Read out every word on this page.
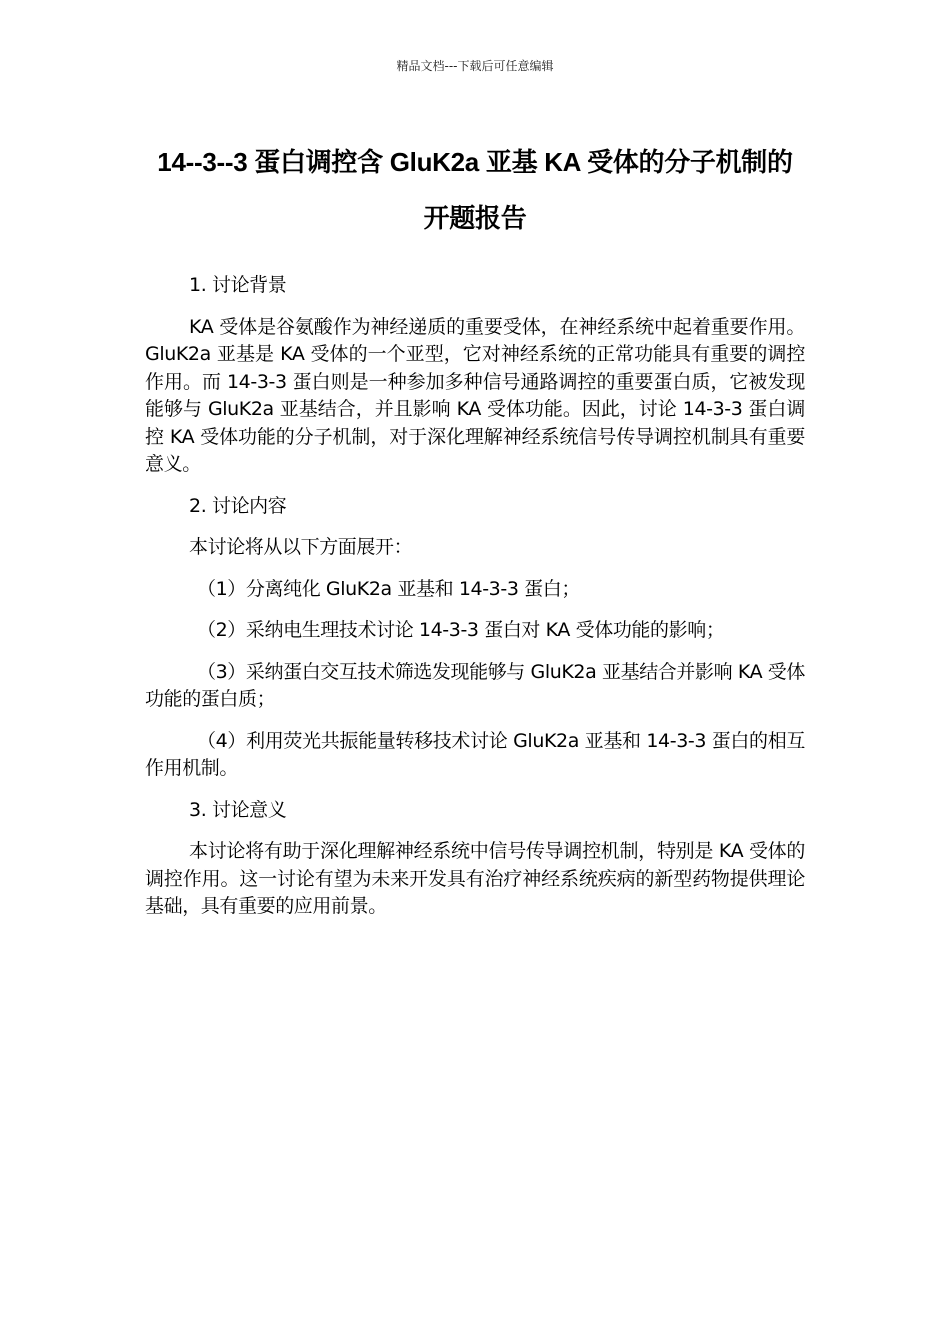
精品文档---下载后可任意编辑
14--3--3 蛋白调控含 GluK2a 亚基 KA 受体的分子机制的开题报告

1. 讨论背景

KA 受体是谷氨酸作为神经递质的重要受体，在神经系统中起着重要作用。GluK2a 亚基是 KA 受体的一个亚型，它对神经系统的正常功能具有重要的调控作用。而 14-3-3 蛋白则是一种参加多种信号通路调控的重要蛋白质，它被发现能够与 GluK2a 亚基结合，并且影响 KA 受体功能。因此，讨论 14-3-3 蛋白调控 KA 受体功能的分子机制，对于深化理解神经系统信号传导调控机制具有重要意义。

2. 讨论内容

本讨论将从以下方面展开：

（1）分离纯化 GluK2a 亚基和 14-3-3 蛋白；

（2）采纳电生理技术讨论 14-3-3 蛋白对 KA 受体功能的影响；

（3）采纳蛋白交互技术筛选发现能够与 GluK2a 亚基结合并影响 KA 受体功能的蛋白质；

（4）利用荧光共振能量转移技术讨论 GluK2a 亚基和 14-3-3 蛋白的相互作用机制。

3. 讨论意义

本讨论将有助于深化理解神经系统中信号传导调控机制，特别是 KA 受体的调控作用。这一讨论有望为未来开发具有治疗神经系统疾病的新型药物提供理论基础，具有重要的应用前景。
